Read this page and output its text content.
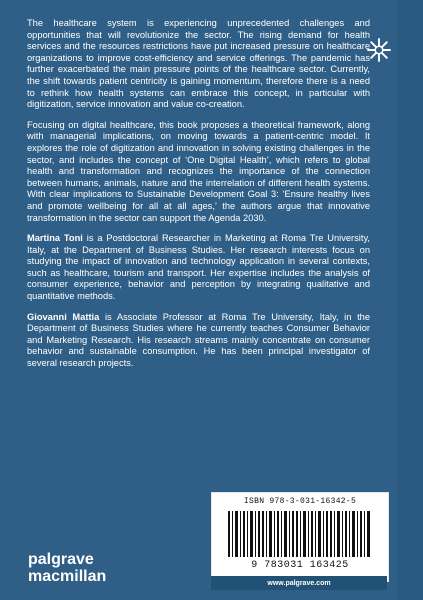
The healthcare system is experiencing unprecedented challenges and opportunities that will revolutionize the sector. The rising demand for health services and the resources restrictions have put increased pressure on healthcare organizations to improve cost-efficiency and service offerings. The pandemic has further exacerbated the main pressure points of the healthcare sector. Currently, the shift towards patient centricity is gaining momentum, therefore there is a need to rethink how health systems can embrace this concept, in particular with digitization, service innovation and value co-creation.

Focusing on digital healthcare, this book proposes a theoretical framework, along with managerial implications, on moving towards a patient-centric model. It explores the role of digitization and innovation in solving existing challenges in the sector, and includes the concept of ‘One Digital Health’, which refers to global health and transformation and recognizes the importance of the connection between humans, animals, nature and the interrelation of different health systems. With clear implications to Sustainable Development Goal 3: ‘Ensure healthy lives and promote wellbeing for all at all ages,’ the authors argue that innovative transformation in the sector can support the Agenda 2030.

Martina Toni is a Postdoctoral Researcher in Marketing at Roma Tre University, Italy, at the Department of Business Studies. Her research interests focus on studying the impact of innovation and technology application in several contexts, such as healthcare, tourism and transport. Her expertise includes the analysis of consumer experience, behavior and perception by integrating qualitative and quantitative methods.

Giovanni Mattia is Associate Professor at Roma Tre University, Italy, in the Department of Business Studies where he currently teaches Consumer Behavior and Marketing Research. His research streams mainly concentrate on consumer behavior and sustainable consumption. He has been principal investigator of several research projects.

ISBN 978-3-031-16342-5
9 783031 163425
www.palgrave.com
palgrave
macmillan
